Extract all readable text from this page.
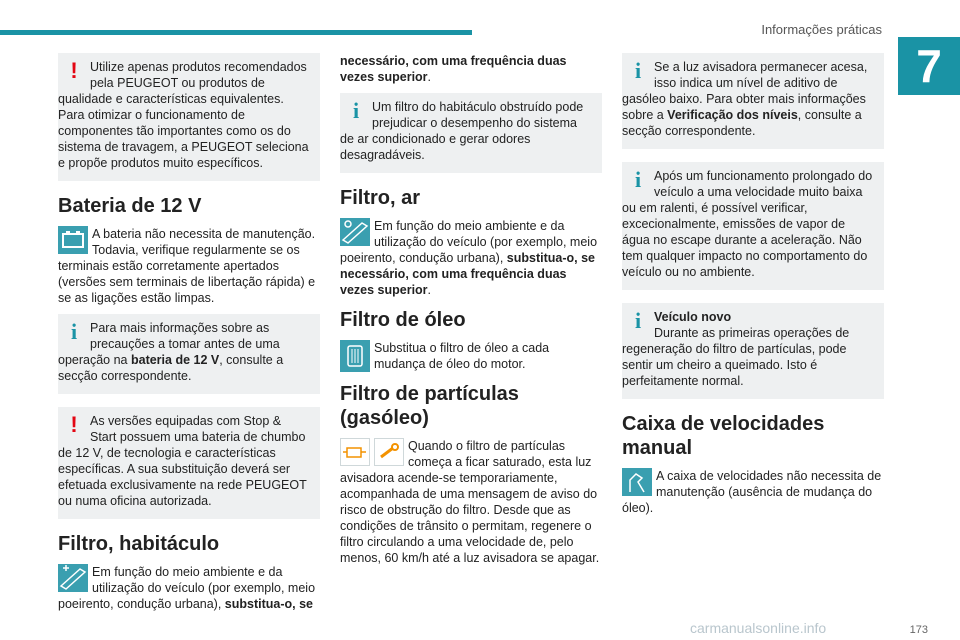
Informações práticas
7
! Utilize apenas produtos recomendados pela PEUGEOT ou produtos de qualidade e características equivalentes. Para otimizar o funcionamento de componentes tão importantes como os do sistema de travagem, a PEUGEOT seleciona e propõe produtos muito específicos.
Bateria de 12 V

A bateria não necessita de manutenção. Todavia, verifique regularmente se os terminais estão corretamente apertados (versões sem terminais de libertação rápida) e se as ligações estão limpas.

i	Para mais informações sobre as precauções a tomar antes de uma operação na bateria de 12 V, consulte a secção correspondente.
! As versões equipadas com Stop & Start possuem uma bateria de chumbo de 12 V, de tecnologia e características específicas. A sua substituição deverá ser efetuada exclusivamente na rede PEUGEOT ou numa oficina autorizada.
Filtro, habitáculo

Em função do meio ambiente e da utilização do veículo (por exemplo, meio poeirento, condução urbana), substitua-o, se

necessário, com uma frequência duas vezes superior.

i	Um filtro do habitáculo obstruído pode prejudicar o desempenho do sistema de ar condicionado e gerar odores desagradáveis.
Filtro, ar

Em função do meio ambiente e da utilização do veículo (por exemplo, meio poeirento, condução urbana), substitua-o, se necessário, com uma frequência duas vezes superior.

Filtro de óleo

Substitua o filtro de óleo a cada mudança de óleo do motor.

Filtro de partículas (gasóleo)

Quando o filtro de partículas começa a ficar saturado, esta luz avisadora acende-se temporariamente, acompanhada de uma mensagem de aviso do risco de obstrução do filtro. Desde que as condições de trânsito o permitam, regenere o filtro circulando a uma velocidade de, pelo menos, 60 km/h até a luz avisadora se apagar.

i	Se a luz avisadora permanecer acesa, isso indica um nível de aditivo de gasóleo baixo. Para obter mais informações sobre a Verificação dos níveis, consulte a secção correspondente.
i	Após um funcionamento prolongado do veículo a uma velocidade muito baixa ou em ralenti, é possível verificar, excecionalmente, emissões de vapor de água no escape durante a aceleração. Não tem qualquer impacto no comportamento do veículo ou no ambiente.
i	Veículo novo
Durante as primeiras operações de regeneração do filtro de partículas, pode sentir um cheiro a queimado. Isto é perfeitamente normal.
Caixa de velocidades manual

A caixa de velocidades não necessita de manutenção (ausência de mudança do óleo).

carmanualsonline.info	173
